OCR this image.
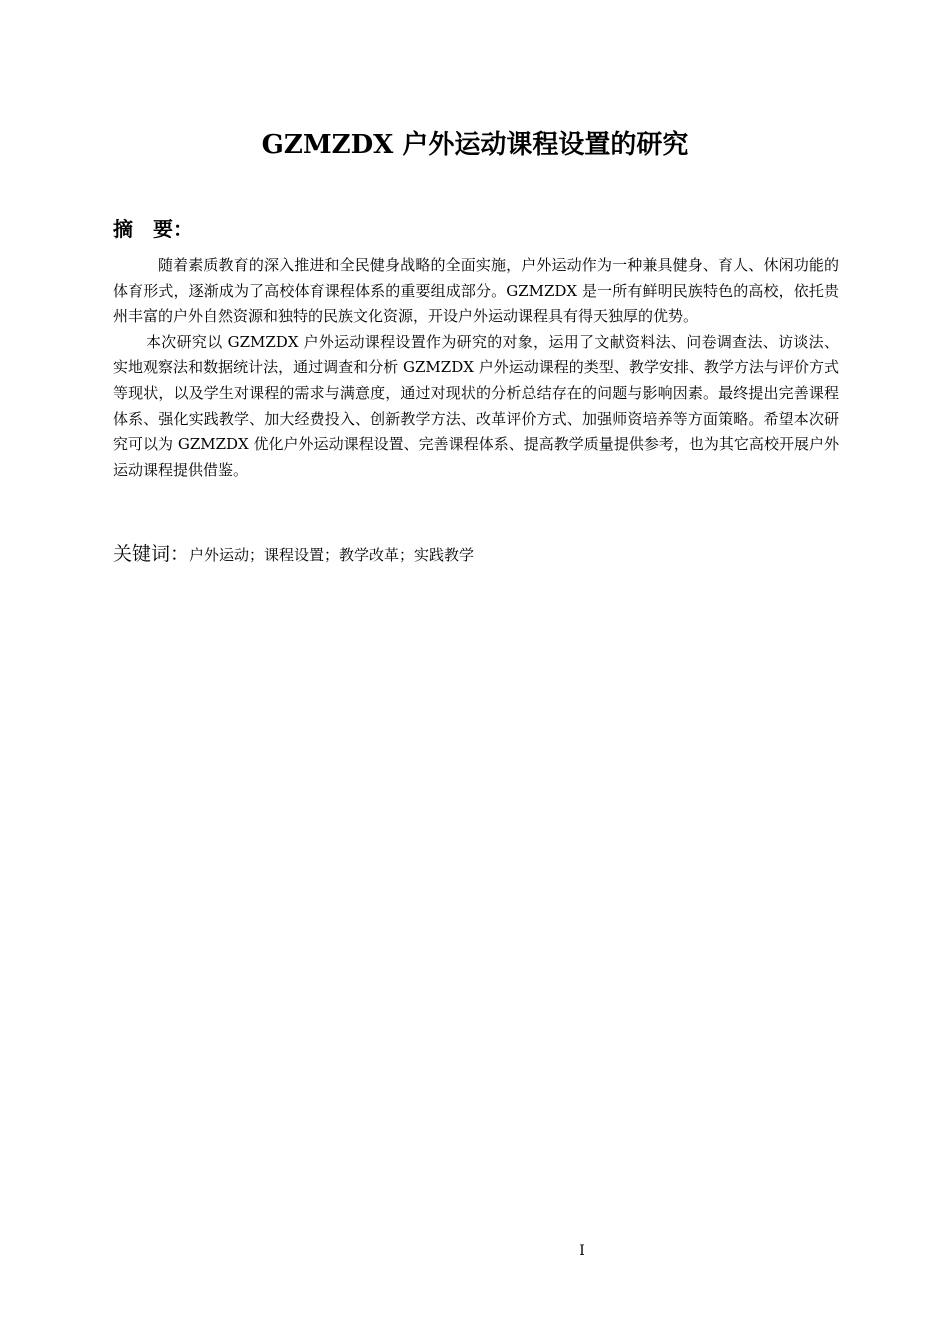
GZMZDX 户外运动课程设置的研究
摘　要：

随着素质教育的深入推进和全民健身战略的全面实施，户外运动作为一种兼具健身、育人、休闲功能的体育形式，逐渐成为了高校体育课程体系的重要组成部分。GZMZDX 是一所有鲜明民族特色的高校，依托贵州丰富的户外自然资源和独特的民族文化资源，开设户外运动课程具有得天独厚的优势。

本次研究以 GZMZDX 户外运动课程设置作为研究的对象，运用了文献资料法、问卷调查法、访谈法、实地观察法和数据统计法，通过调查和分析 GZMZDX 户外运动课程的类型、教学安排、教学方法与评价方式等现状，以及学生对课程的需求与满意度，通过对现状的分析总结存在的问题与影响因素。最终提出完善课程体系、强化实践教学、加大经费投入、创新教学方法、改革评价方式、加强师资培养等方面策略。希望本次研究可以为 GZMZDX 优化户外运动课程设置、完善课程体系、提高教学质量提供参考，也为其它高校开展户外运动课程提供借鉴。

关键词：户外运动；课程设置；教学改革；实践教学
I
